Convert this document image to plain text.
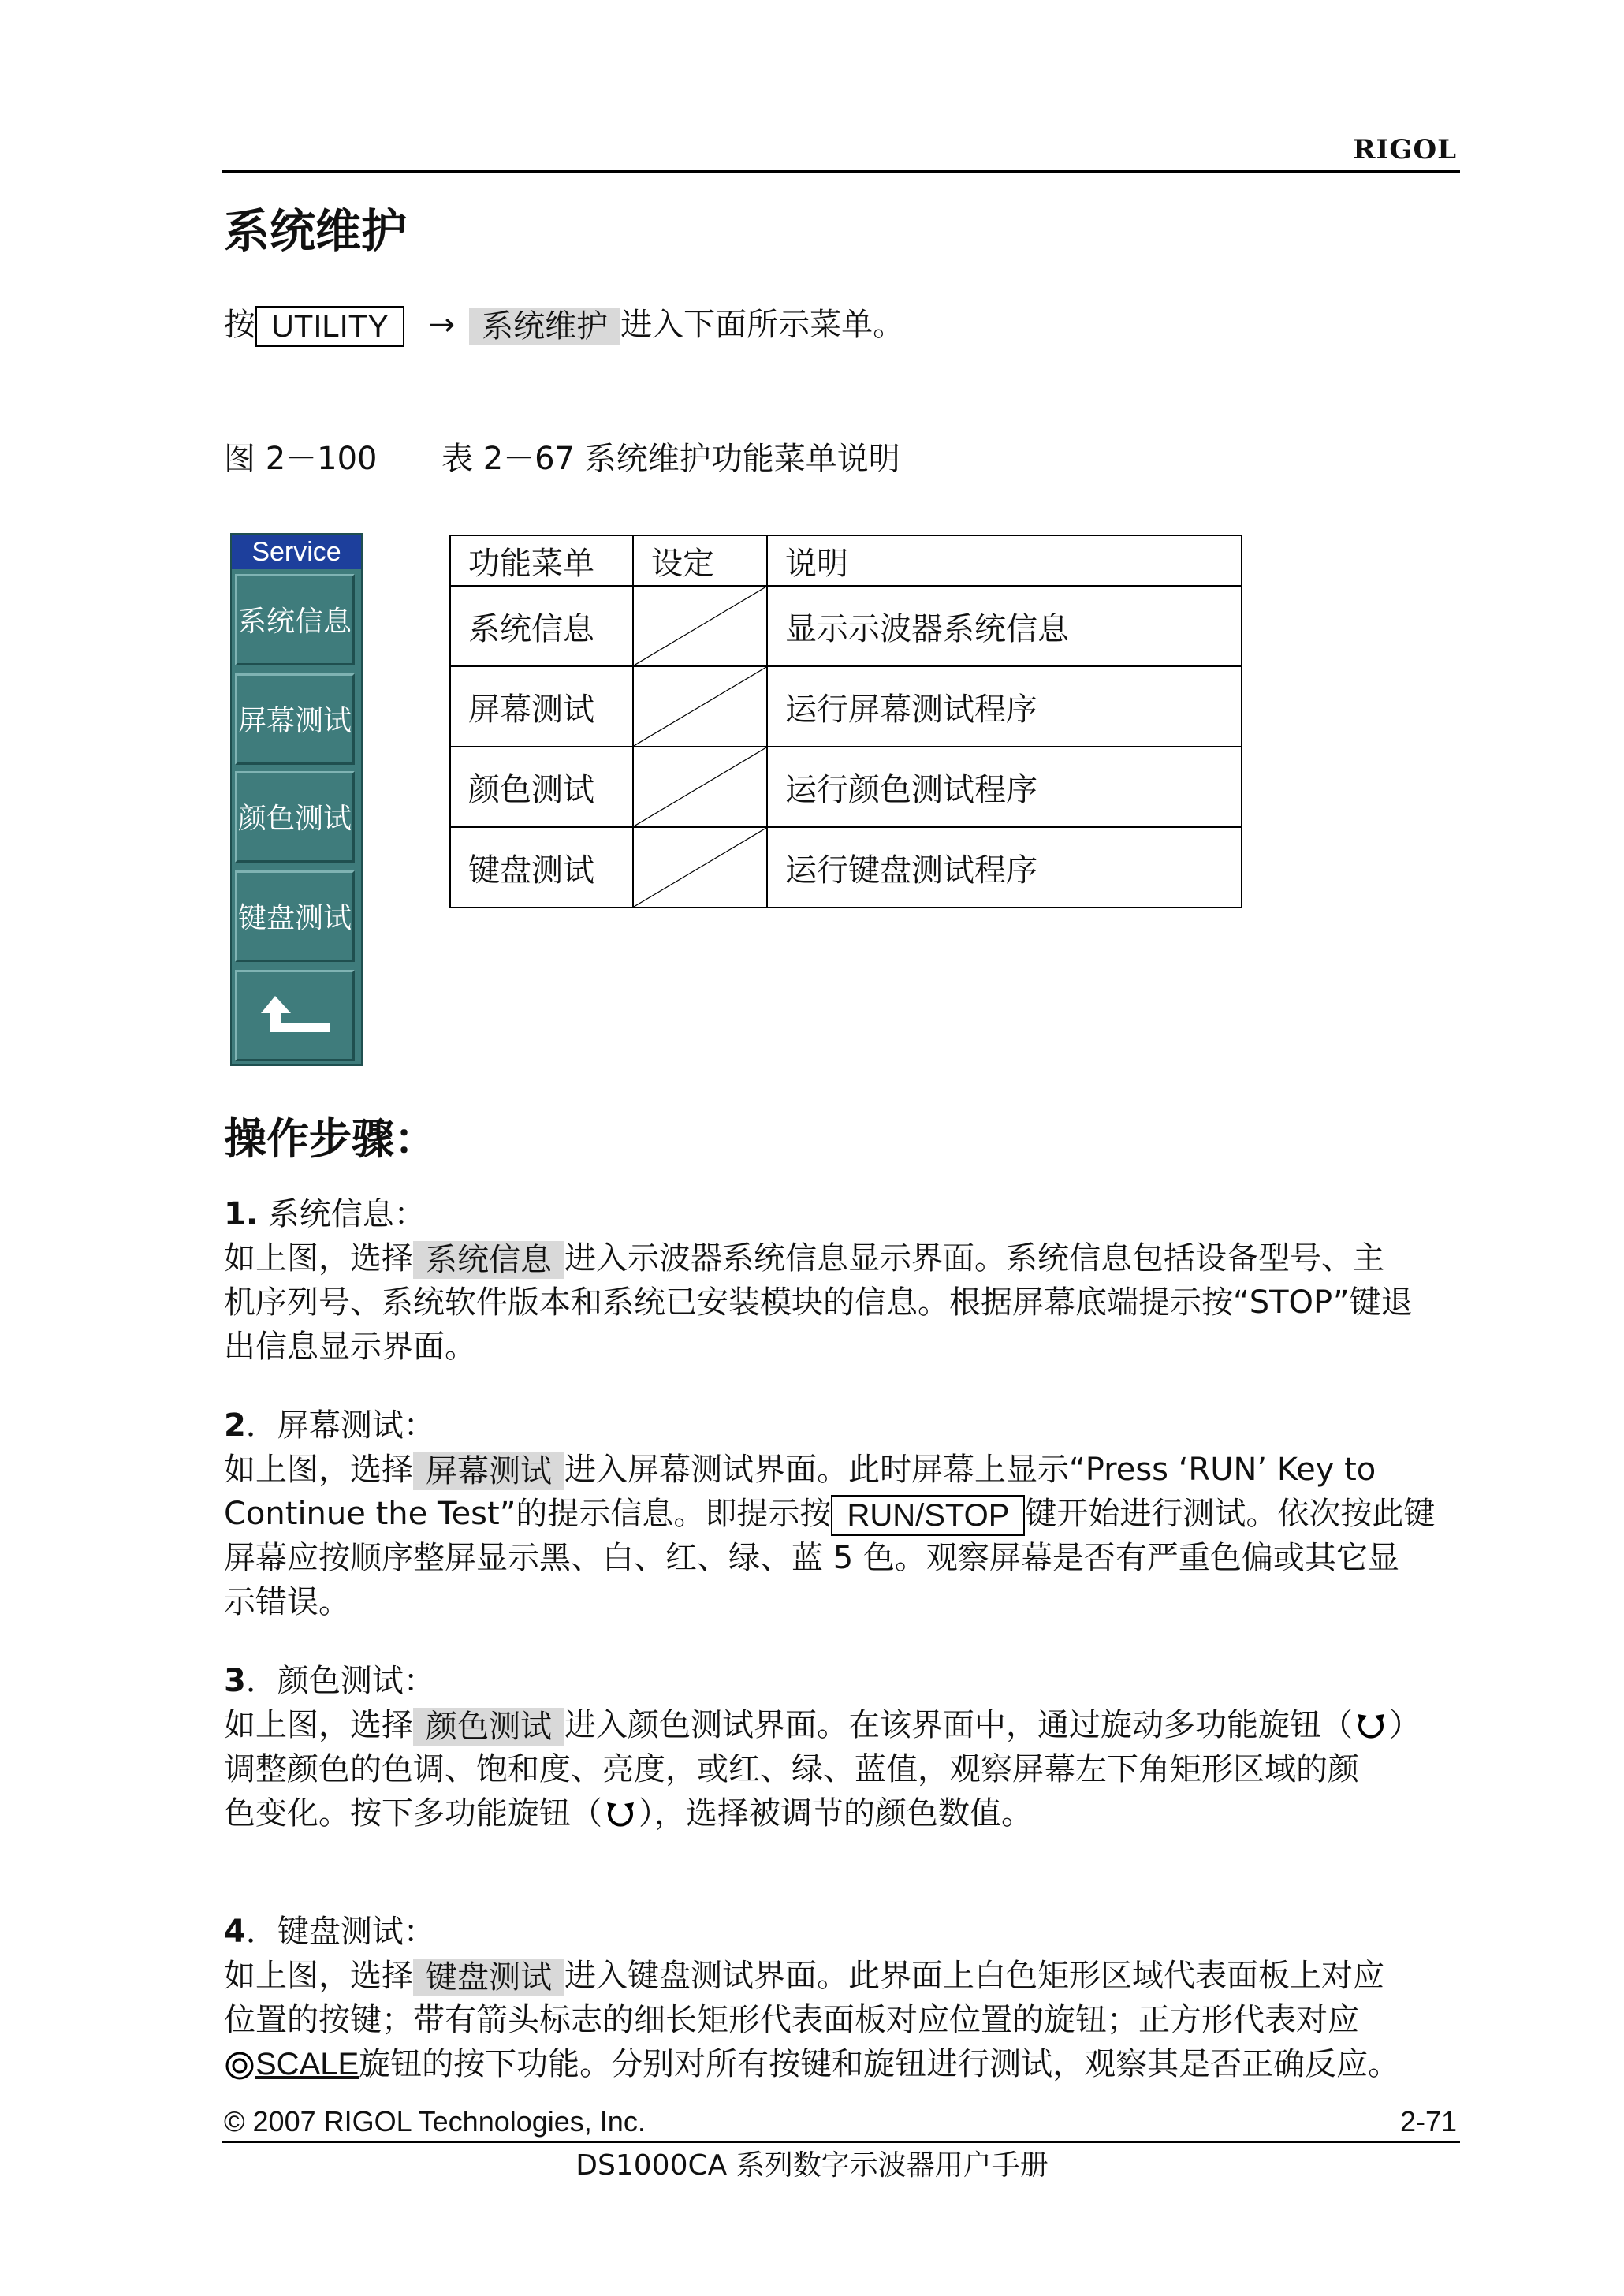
RIGOL
系统维护
按 UTILITY → 系统维护 进入下面所示菜单。
图 2－100 表 2－67 系统维护功能菜单说明
Service
系统信息
屏幕测试
颜色测试
键盘测试
功能菜单	设定	说明
系统信息		显示示波器系统信息
屏幕测试		运行屏幕测试程序
颜色测试		运行颜色测试程序
键盘测试		运行键盘测试程序
操作步骤：
1. 系统信息：
如上图，选择 系统信息 进入示波器系统信息显示界面。系统信息包括设备型号、主
机序列号、系统软件版本和系统已安装模块的信息。根据屏幕底端提示按“STOP”键退
出信息显示界面。
2．屏幕测试：
如上图，选择 屏幕测试 进入屏幕测试界面。此时屏幕上显示“Press ‘RUN’ Key to
Continue the Test”的提示信息。即提示按 RUN/STOP 键开始进行测试。依次按此键
屏幕应按顺序整屏显示黑、白、红、绿、蓝 5 色。观察屏幕是否有严重色偏或其它显
示错误。
3．颜色测试：
如上图，选择 颜色测试 进入颜色测试界面。在该界面中，通过旋动多功能旋钮（ ）
调整颜色的色调、饱和度、亮度，或红、绿、蓝值，观察屏幕左下角矩形区域的颜
色变化。按下多功能旋钮（ ），选择被调节的颜色数值。
4．键盘测试：
如上图，选择 键盘测试 进入键盘测试界面。此界面上白色矩形区域代表面板上对应
位置的按键；带有箭头标志的细长矩形代表面板对应位置的旋钮；正方形代表对应
SCALE旋钮的按下功能。分别对所有按键和旋钮进行测试，观察其是否正确反应。
© 2007 RIGOL Technologies, Inc.	2-71
DS1000CA 系列数字示波器用户手册
